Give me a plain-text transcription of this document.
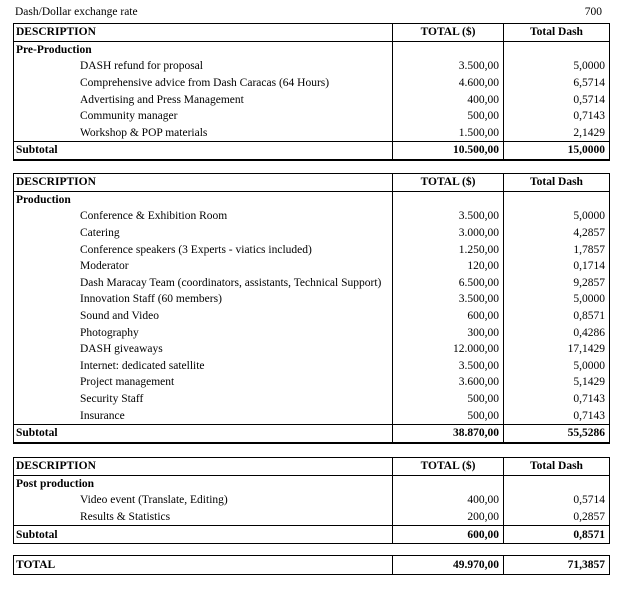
Dash/Dollar exchange rate	700
DESCRIPTION	TOTAL ($)	Total Dash
Pre-Production		
DASH refund for proposal	3.500,00	5,0000
Comprehensive advice from Dash Caracas (64 Hours)	4.600,00	6,5714
Advertising and Press Management	400,00	0,5714
Community manager	500,00	0,7143
Workshop & POP materials	1.500,00	2,1429
Subtotal	10.500,00	15,0000
DESCRIPTION	TOTAL ($)	Total Dash
Production		
Conference & Exhibition Room	3.500,00	5,0000
Catering	3.000,00	4,2857
Conference speakers (3 Experts - viatics included)	1.250,00	1,7857
Moderator	120,00	0,1714
Dash Maracay Team (coordinators, assistants, Technical Support)	6.500,00	9,2857
Innovation Staff (60 members)	3.500,00	5,0000
Sound and Video	600,00	0,8571
Photography	300,00	0,4286
DASH giveaways	12.000,00	17,1429
Internet: dedicated satellite	3.500,00	5,0000
Project management	3.600,00	5,1429
Security Staff	500,00	0,7143
Insurance	500,00	0,7143
Subtotal	38.870,00	55,5286
DESCRIPTION	TOTAL ($)	Total Dash
Post production		
Video event (Translate, Editing)	400,00	0,5714
Results & Statistics	200,00	0,2857
Subtotal	600,00	0,8571
TOTAL	49.970,00	71,3857
